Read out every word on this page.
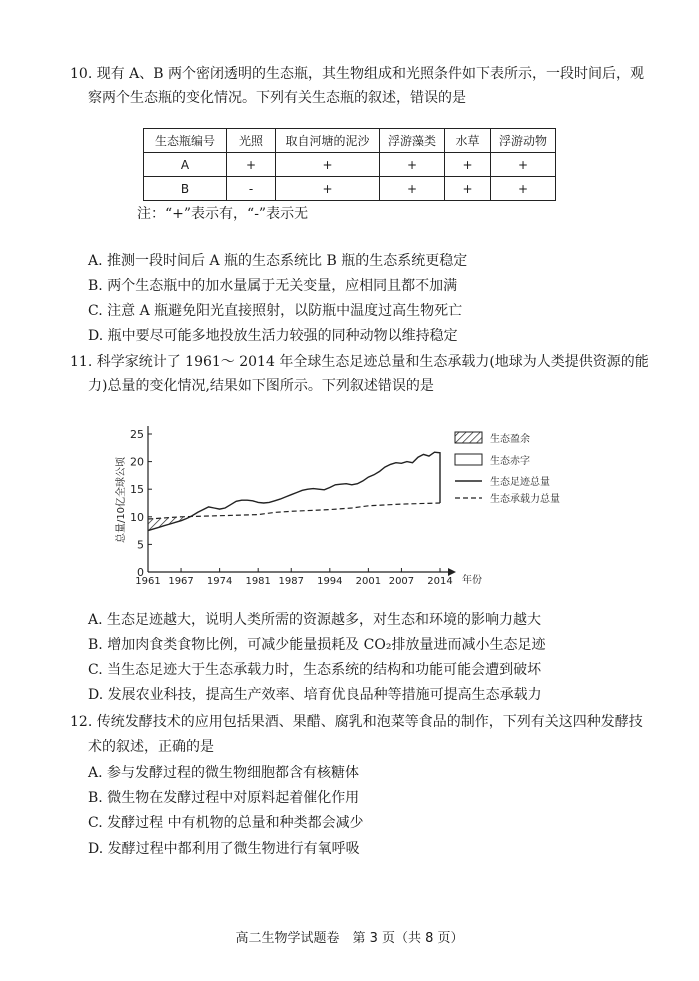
10. 现有 A、B 两个密闭透明的生态瓶，其生物组成和光照条件如下表所示，一段时间后，观
察两个生态瓶的变化情况。下列有关生态瓶的叙述，错误的是
生态瓶编号	光照	取自河塘的泥沙	浮游藻类	水草	浮游动物
A	+	+	+	+	+
B	-	+	+	+	+
注：“+”表示有，“-”表示无
A. 推测一段时间后 A 瓶的生态系统比 B 瓶的生态系统更稳定
B. 两个生态瓶中的加水量属于无关变量，应相同且都不加满
C. 注意 A 瓶避免阳光直接照射，以防瓶中温度过高生物死亡
D. 瓶中要尽可能多地投放生活力较强的同种动物以维持稳定
11. 科学家统计了 1961～ 2014 年全球生态足迹总量和生态承载力(地球为人类提供资源的能
力)总量的变化情况,结果如下图所示。下列叙述错误的是
0
5
10
15
20
25
1961 1967 1974 1981 1987 1994 2001 2007 2014
总量/10亿全球公顷
年份
生态盈余
生态赤字
生态足迹总量
生态承载力总量
A. 生态足迹越大，说明人类所需的资源越多，对生态和环境的影响力越大
B. 增加肉食类食物比例，可减少能量损耗及 CO₂排放量进而减小生态足迹
C. 当生态足迹大于生态承载力时，生态系统的结构和功能可能会遭到破坏
D. 发展农业科技，提高生产效率、培育优良品种等措施可提高生态承载力
12. 传统发酵技术的应用包括果酒、果醋、腐乳和泡菜等食品的制作，下列有关这四种发酵技
术的叙述，正确的是
A. 参与发酵过程的微生物细胞都含有核糖体
B. 微生物在发酵过程中对原料起着催化作用
C. 发酵过程 中有机物的总量和种类都会减少
D. 发酵过程中都利用了微生物进行有氧呼吸
高二生物学试题卷　第 3 页（共 8 页）
